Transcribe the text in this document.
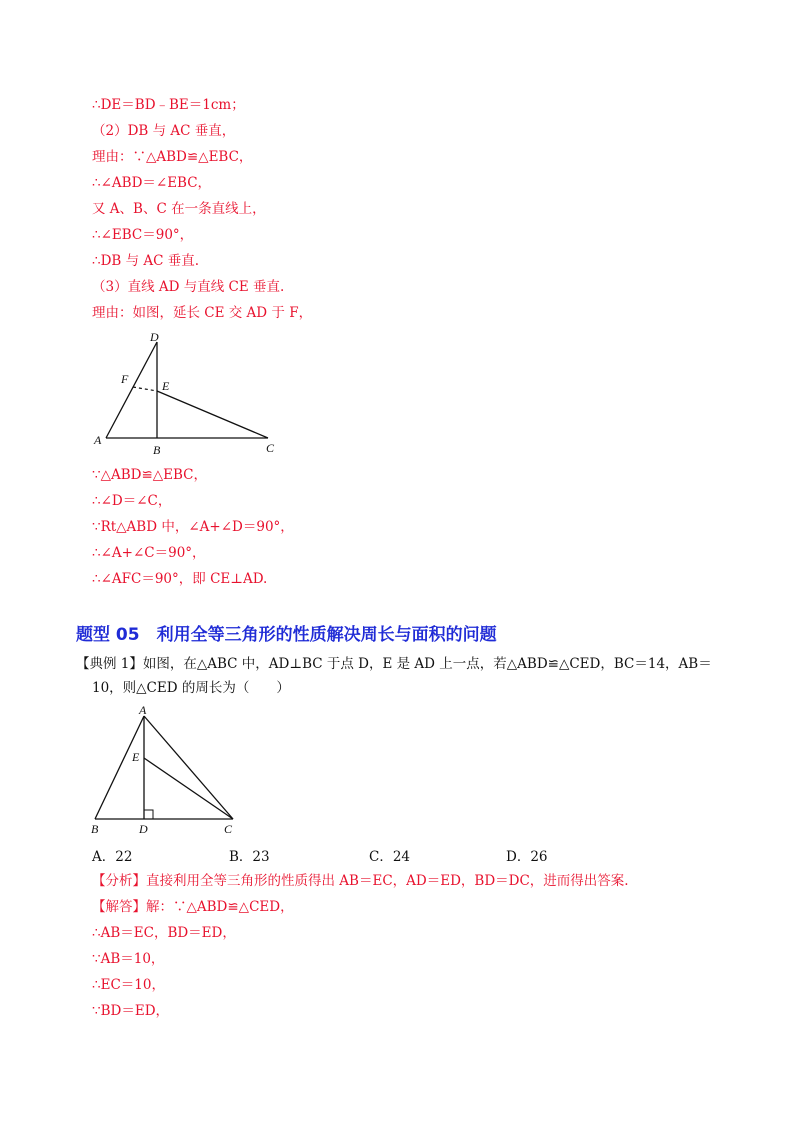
∴DE＝BD﹣BE＝1cm；
（2）DB 与 AC 垂直，
理由：∵△ABD≌△EBC，
∴∠ABD＝∠EBC，
又 A、B、C 在一条直线上，
∴∠EBC＝90°，
∴DB 与 AC 垂直.
（3）直线 AD 与直线 CE 垂直.
理由：如图，延长 CE 交 AD 于 F，
D
F	E
A
B	C
∵△ABD≌△EBC，
∴∠D＝∠C，
∵Rt△ABD 中，∠A+∠D＝90°，
∴∠A+∠C＝90°，
∴∠AFC＝90°，即 CE⊥AD.
题型 05　利用全等三角形的性质解决周长与面积的问题
【典例 1】如图，在△ABC 中，AD⊥BC 于点 D，E 是 AD 上一点，若△ABD≌△CED，BC＝14，AB＝
10，则△CED 的周长为（　　）
A
E
B	D	C
A．22	B．23	C．24	D．26
【分析】直接利用全等三角形的性质得出 AB＝EC，AD＝ED，BD＝DC，进而得出答案.
【解答】解：∵△ABD≌△CED，
∴AB＝EC，BD＝ED，
∵AB＝10，
∴EC＝10，
∵BD＝ED，
